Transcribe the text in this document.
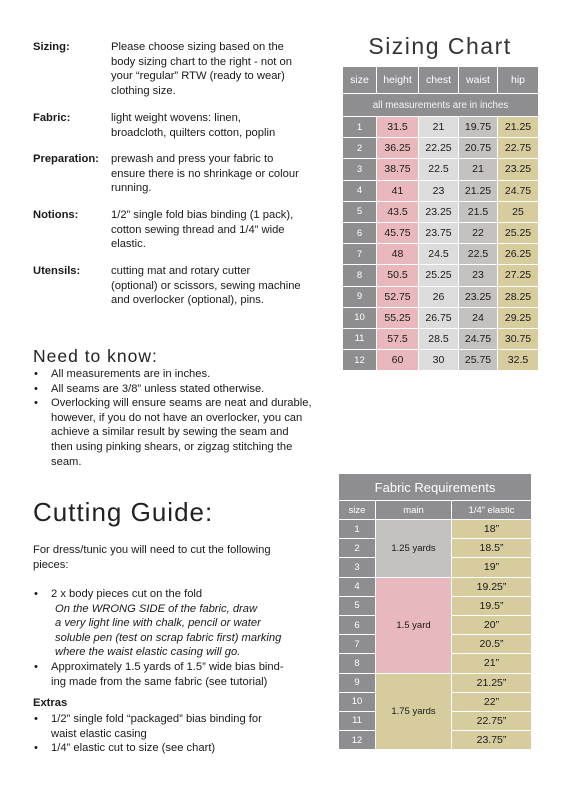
Sizing:	Please choose sizing based on the
body sizing chart to the right - not on
your “regular” RTW (ready to wear)
clothing size.
Fabric:	light weight wovens: linen,
broadcloth, quilters cotton, poplin
Preparation: prewash and press your fabric to
ensure there is no shrinkage or colour
running.
Notions:	1/2” single fold bias binding (1 pack),
cotton sewing thread and 1/4” wide
elastic.
Utensils:	cutting mat and rotary cutter
(optional) or scissors, sewing machine
and overlocker (optional), pins.
Need to know:
• All measurements are in inches.
• All seams are 3/8” unless stated otherwise.
• Overlocking will ensure seams are neat and durable,
however, if you do not have an overlocker, you can
achieve a similar result by sewing the seam and
then using pinking shears, or zigzag stitching the
seam.
Cutting Guide:
For dress/tunic you will need to cut the following
pieces:
• 2 x body pieces cut on the fold
On the WRONG SIDE of the fabric, draw
a very light line with chalk, pencil or water
soluble pen (test on scrap fabric first) marking
where the waist elastic casing will go.
• Approximately 1.5 yards of 1.5” wide bias bind-
ing made from the same fabric (see tutorial)
Extras
• 1/2” single fold “packaged” bias binding for
waist elastic casing
• 1/4” elastic cut to size (see chart)
Sizing Chart
size	height	chest	waist	hip
all measurements are in inches				
1	31.5	21	19.75	21.25
2	36.25	22.25	20.75	22.75
3	38.75	22.5	21	23.25
4	41	23	21.25	24.75
5	43.5	23.25	21.5	25
6	45.75	23.75	22	25.25
7	48	24.5	22.5	26.25
8	50.5	25.25	23	27.25
9	52.75	26	23.25	28.25
10	55.25	26.75	24	29.25
11	57.5	28.5	24.75	30.75
12	60	30	25.75	32.5
Fabric Requirements		
size	main	1/4” elastic
1	1.25 yards	18”
2		18.5”
3		19”
4	1.5 yard	19.25”
5		19.5”
6		20”
7		20.5”
8		21”
9	1.75 yards	21.25”
10		22”
11		22.75”
12		23.75”
